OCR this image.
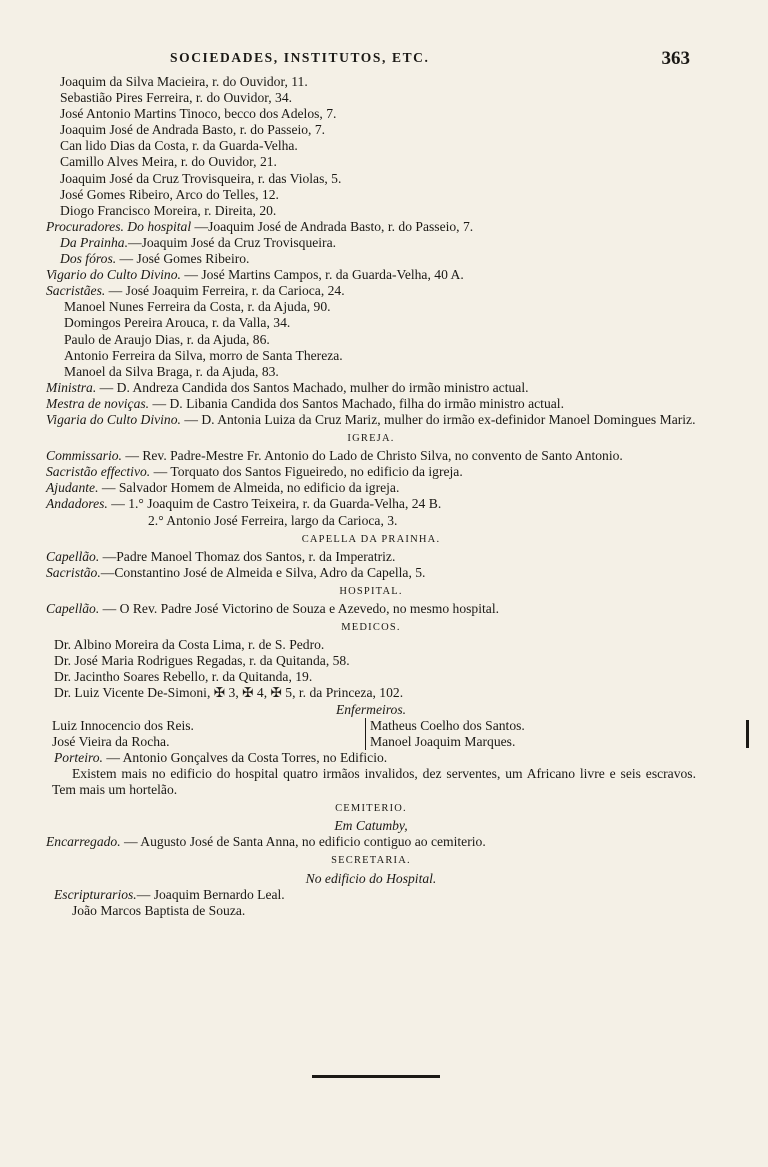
SOCIEDADES, INSTITUTOS, ETC.	363
Joaquim da Silva Macieira, r. do Ouvidor, 11.
Sebastião Pires Ferreira, r. do Ouvidor, 34.
José Antonio Martins Tinoco, becco dos Adelos, 7.
Joaquim José de Andrada Basto, r. do Passeio, 7.
Can lido Dias da Costa, r. da Guarda-Velha.
Camillo Alves Meira, r. do Ouvidor, 21.
Joaquim José da Cruz Trovisqueira, r. das Violas, 5.
José Gomes Ribeiro, Arco do Telles, 12.
Diogo Francisco Moreira, r. Direita, 20.
Procuradores. Do hospital —Joaquim José de Andrada Basto, r. do Passeio, 7.
Da Prainha.—Joaquim José da Cruz Trovisqueira.
Dos fóros. — José Gomes Ribeiro.
Vigario do Culto Divino. — José Martins Campos, r. da Guarda-Velha, 40 A.
Sacristães. — José Joaquim Ferreira, r. da Carioca, 24.
Manoel Nunes Ferreira da Costa, r. da Ajuda, 90.
Domingos Pereira Arouca, r. da Valla, 34.
Paulo de Araujo Dias, r. da Ajuda, 86.
Antonio Ferreira da Silva, morro de Santa Thereza.
Manoel da Silva Braga, r. da Ajuda, 83.
Ministra. — D. Andreza Candida dos Santos Machado, mulher do irmão ministro actual.
Mestra de noviças. — D. Libania Candida dos Santos Machado, filha do irmão ministro actual.
Vigaria do Culto Divino. — D. Antonia Luiza da Cruz Mariz, mulher do irmão ex-definidor Manoel Domingues Mariz.
IGREJA.
Commissario. — Rev. Padre-Mestre Fr. Antonio do Lado de Christo Silva, no convento de Santo Antonio.
Sacristão effectivo. — Torquato dos Santos Figueiredo, no edificio da igreja.
Ajudante. — Salvador Homem de Almeida, no edificio da igreja.
Andadores. — 1.° Joaquim de Castro Teixeira, r. da Guarda-Velha, 24 B.
2.° Antonio José Ferreira, largo da Carioca, 3.
CAPELLA DA PRAINHA.
Capellão. —Padre Manoel Thomaz dos Santos, r. da Imperatriz.
Sacristão.—Constantino José de Almeida e Silva, Adro da Capella, 5.
HOSPITAL.
Capellão. — O Rev. Padre José Victorino de Souza e Azevedo, no mesmo hospital.
MEDICOS.
Dr. Albino Moreira da Costa Lima, r. de S. Pedro.
Dr. José Maria Rodrigues Regadas, r. da Quitanda, 58.
Dr. Jacintho Soares Rebello, r. da Quitanda, 19.
Dr. Luiz Vicente De-Simoni, ✠ 3, ✠ 4, ✠ 5, r. da Princeza, 102.
Enfermeiros.
Luiz Innocencio dos Reis.
José Vieira da Rocha.
Matheus Coelho dos Santos.
Manoel Joaquim Marques.
Porteiro. — Antonio Gonçalves da Costa Torres, no Edificio.
Existem mais no edificio do hospital quatro irmãos invalidos, dez serventes, um Africano livre e seis escravos. Tem mais um hortelão.
CEMITERIO.
Em Catumby,
Encarregado. — Augusto José de Santa Anna, no edificio contiguo ao cemiterio.
SECRETARIA.
No edificio do Hospital.
Escripturarios.— Joaquim Bernardo Leal.
João Marcos Baptista de Souza.
